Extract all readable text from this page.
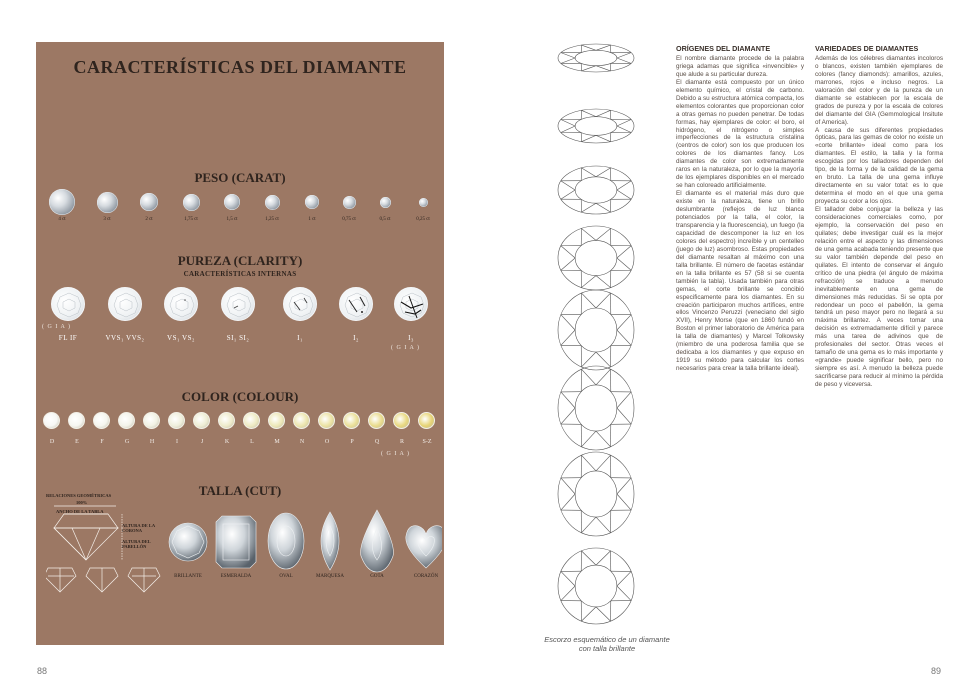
CARACTERÍSTICAS DEL DIAMANTE
PESO (CARAT)
4 ct	3 ct	2 ct	1,75 ct	1,5 ct	1,25 ct	1 ct	0,75 ct	0,5 ct	0,25 ct
PUREZA (CLARITY)
CARACTERÍSTICAS INTERNAS
FL IF	VVS₁ VVS₂	VS₁ VS₂	SI₁ SI₂	I₁	I₂	I₃
( G I A )
( G I A )
COLOR (COLOUR)
D	E	F	G	H	I	J	K	L	M	N	O	P	Q	R	S-Z
( G I A )
TALLA (CUT)
RELACIONES GEOMÉTRICAS
100%
ANCHO DE LA TABLA
ALTURA DE LA CORONA
ALTURA DEL PABELLÓN
BRILLANTE	ESMERALDA	OVAL	MARQUESA	GOTA	CORAZÓN
88
Escorzo esquemático de un diamante con talla brillante
ORÍGENES DEL DIAMANTE

El nombre diamante procede de la palabra griega adamas que significa «invencible» y que alude a su particular dureza.

El diamante está compuesto por un único elemento químico, el cristal de carbono. Debido a su estructura atómica compacta, los elementos colorantes que proporcionan color a otras gemas no pueden penetrar. De todas formas, hay ejemplares de color: el boro, el hidrógeno, el nitrógeno o simples imperfecciones de la estructura cristalina (centros de color) son los que producen los colores de los diamantes fancy. Los diamantes de color son extremadamente raros en la naturaleza, por lo que la mayoría de los ejemplares disponibles en el mercado se han coloreado artificialmente.

El diamante es el material más duro que existe en la naturaleza, tiene un brillo deslumbrante (reflejos de luz blanca potenciados por la talla, el color, la transparencia y la fluorescencia), un fuego (la capacidad de descomponer la luz en los colores del espectro) increíble y un centelleo (juego de luz) asombroso. Estas propiedades del diamante resaltan al máximo con una talla brillante. El número de facetas estándar en la talla brillante es 57 (58 si se cuenta también la tabla). Usada también para otras gemas, el corte brillante se concibió especificamente para los diamantes. En su creación participaron muchos artífices, entre ellos Vincenzo Peruzzi (veneciano del siglo XVII), Henry Morse (que en 1860 fundó en Boston el primer laboratorio de América para la talla de diamantes) y Marcel Tolkowsky (miembro de una poderosa familia que se dedicaba a los diamantes y que expuso en 1919 su método para calcular los cortes necesarios para crear la talla brillante ideal).

VARIEDADES DE DIAMANTES

Además de los célebres diamantes incoloros o blancos, existen también ejemplares de colores (fancy diamonds): amarillos, azules, marrones, rojos e incluso negros. La valoración del color y de la pureza de un diamante se establecen por la escala de grados de pureza y por la escala de colores del diamante del GIA (Gemmological Insitute of America).

A causa de sus diferentes propiedades ópticas, para las gemas de color no existe un «corte brillante» ideal como para los diamantes. El estilo, la talla y la forma escogidas por los talladores dependen del tipo, de la forma y de la calidad de la gema en bruto. La talla de una gema influye directamente en su valor total: es lo que determina el modo en el que una gema proyecta su color a los ojos.

El tallador debe conjugar la belleza y las consideraciones comerciales como, por ejemplo, la conservación del peso en quilates; debe investigar cuál es la mejor relación entre el aspecto y las dimensiones de una gema acabada teniendo presente que su valor también depende del peso en quilates. El intento de conservar el ángulo crítico de una piedra (el ángulo de máxima refracción) se traduce a menudo inevitablemente en una gema de dimensiones más reducidas. Si se opta por redondear un poco el pabellón, la gema tendrá un peso mayor pero no llegará a su máxima brillantez. A veces tomar una decisión es extremadamente difícil y parece más una tarea de adivinos que de profesionales del sector. Otras veces el tamaño de una gema es lo más importante y «grande» puede significar bello, pero no siempre es así. A menudo la belleza puede sacrificarse para reducir al mínimo la pérdida de peso y viceversa.

89
